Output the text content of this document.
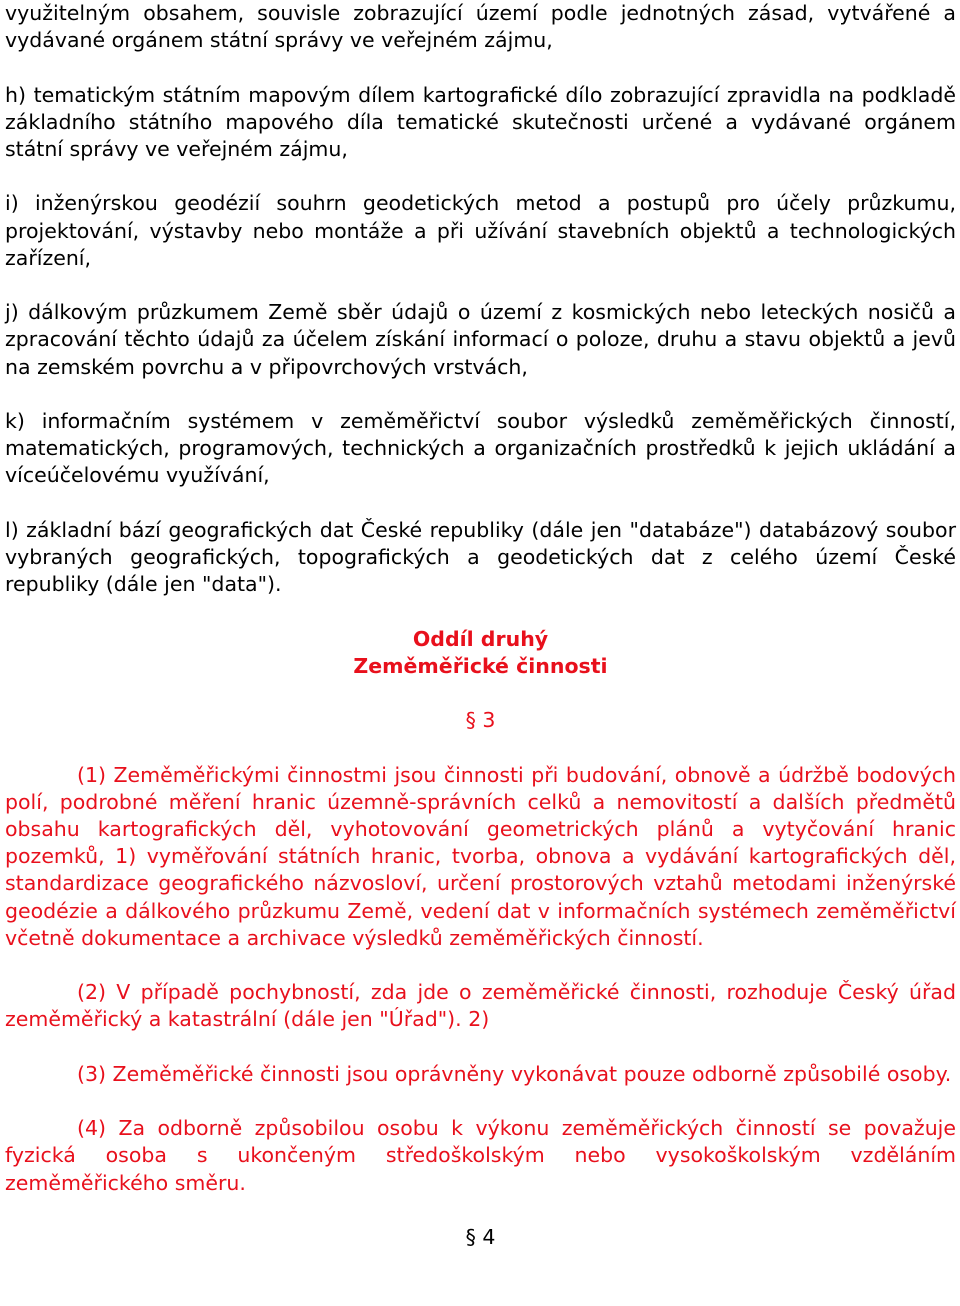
využitelným obsahem, souvisle zobrazující území podle jednotných zásad, vytvářené a vydávané orgánem státní správy ve veřejném zájmu,

h) tematickým státním mapovým dílem kartografické dílo zobrazující zpravidla na podkladě základního státního mapového díla tematické skutečnosti určené a vydávané orgánem státní správy ve veřejném zájmu,

i) inženýrskou geodézií souhrn geodetických metod a postupů pro účely průzkumu, projektování, výstavby nebo montáže a při užívání stavebních objektů a technologických zařízení,

j) dálkovým průzkumem Země sběr údajů o území z kosmických nebo leteckých nosičů a zpracování těchto údajů za účelem získání informací o poloze, druhu a stavu objektů a jevů na zemském povrchu a v připovrchových vrstvách,

k) informačním systémem v zeměměřictví soubor výsledků zeměměřických činností, matematických, programových, technických a organizačních prostředků k jejich ukládání a víceúčelovému využívání,

l) základní bází geografických dat České republiky (dále jen "databáze") databázový soubor vybraných geografických, topografických a geodetických dat z celého území České republiky (dále jen "data").

Oddíl druhý

Zeměměřické činnosti

§ 3

(1) Zeměměřickými činnostmi jsou činnosti při budování, obnově a údržbě bodových polí, podrobné měření hranic územně-správních celků a nemovitostí a dalších předmětů obsahu kartografických děl, vyhotovování geometrických plánů a vytyčování hranic pozemků, 1) vyměřování státních hranic, tvorba, obnova a vydávání kartografických děl, standardizace geografického názvosloví, určení prostorových vztahů metodami inženýrské geodézie a dálkového průzkumu Země, vedení dat v informačních systémech zeměměřictví včetně dokumentace a archivace výsledků zeměměřických činností.

(2) V případě pochybností, zda jde o zeměměřické činnosti, rozhoduje Český úřad zeměměřický a katastrální (dále jen "Úřad"). 2)

(3) Zeměměřické činnosti jsou oprávněny vykonávat pouze odborně způsobilé osoby.

(4) Za odborně způsobilou osobu k výkonu zeměměřických činností se považuje fyzická osoba s ukončeným středoškolským nebo vysokoškolským vzděláním zeměměřického směru.

§ 4
